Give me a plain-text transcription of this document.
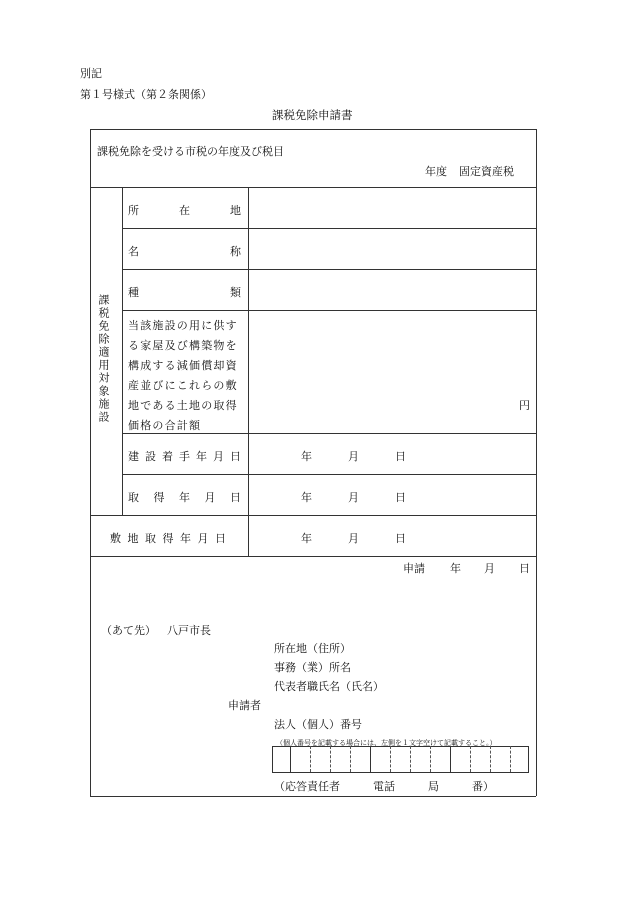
別記
第１号様式（第２条関係）
課税免除申請書
課税免除を受ける市税の年度及び税目
年度 固定資産税
課税免除適用対象施設
所	在	地
名	称
種	類
当該施設の用に供す
る家屋及び構築物を
構成する減価償却資
産並びにこれらの敷
地である土地の取得
価格の合計額
円
建 設 着 手 年 月 日	年	月	日
取 得 年 月 日	年	月	日
敷 地 取 得 年 月 日	年	月	日
申請 年 月 日
（あて先） 八戸市長
所在地（住所）
事務（業）所名
代表者職氏名（氏名）
申請者
法人（個人）番号
（個人番号を記載する場合には、左側を１文字空けて記載すること。）
（応答責任者　　　電話　　　局　　　番）
